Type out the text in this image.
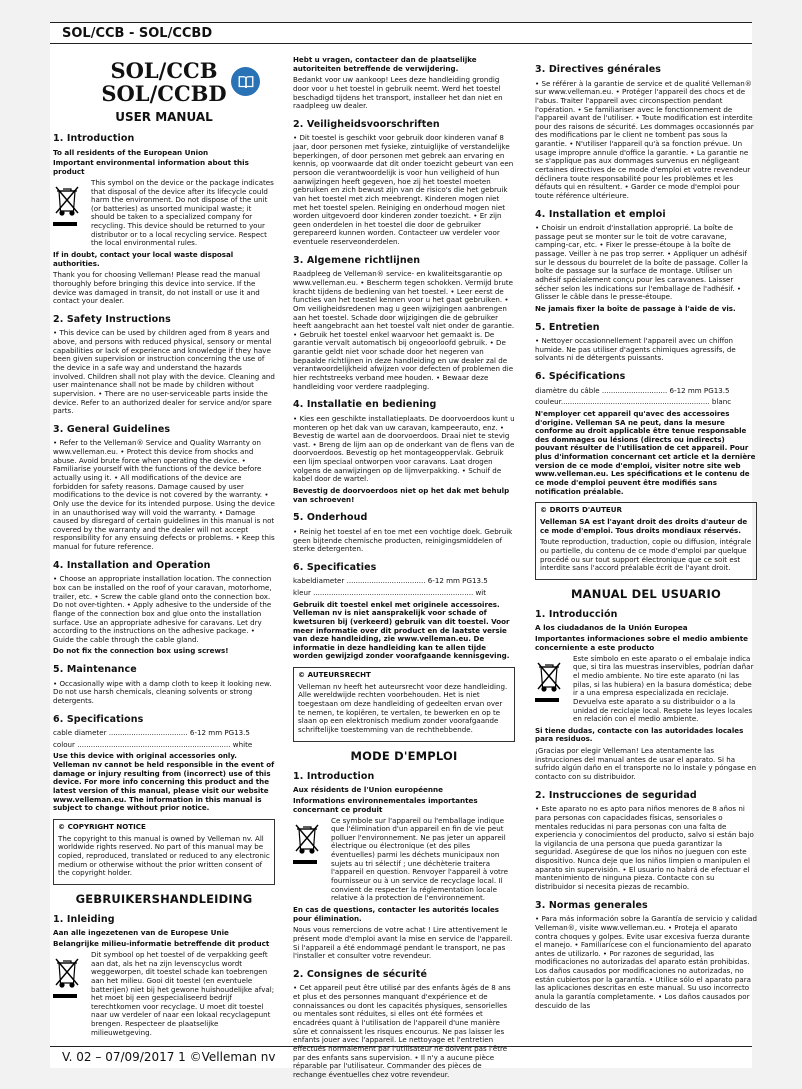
SOL/CCB - SOL/CCBD
SOL/CCB
SOL/CCBD
USER MANUAL
1. Introduction
To all residents of the European Union
Important environmental information about this product

This symbol on the device or the package indicates that disposal of the device after its lifecycle could harm the environment. Do not dispose of the unit (or batteries) as unsorted municipal waste; it should be taken to a specialized company for recycling. This device should be returned to your distributor or to a local recycling service. Respect the local environmental rules.

If in doubt, contact your local waste disposal authorities.

Thank you for choosing Velleman! Please read the manual thoroughly before bringing this device into service. If the device was damaged in transit, do not install or use it and contact your dealer.

2. Safety Instructions

• This device can be used by children aged from 8 years and above, and persons with reduced physical, sensory or mental capabilities or lack of experience and knowledge if they have been given supervision or instruction concerning the use of the device in a safe way and understand the hazards involved. Children shall not play with the device. Cleaning and user maintenance shall not be made by children without supervision. • There are no user-serviceable parts inside the device. Refer to an authorized dealer for service and/or spare parts.

3. General Guidelines

• Refer to the Velleman® Service and Quality Warranty on www.velleman.eu. • Protect this device from shocks and abuse. Avoid brute force when operating the device. • Familiarise yourself with the functions of the device before actually using it. • All modifications of the device are forbidden for safety reasons. Damage caused by user modifications to the device is not covered by the warranty. • Only use the device for its intended purpose. Using the device in an unauthorised way will void the warranty. • Damage caused by disregard of certain guidelines in this manual is not covered by the warranty and the dealer will not accept responsibility for any ensuing defects or problems. • Keep this manual for future reference.

4. Installation and Operation

• Choose an appropriate installation location. The connection box can be installed on the roof of your caravan, motorhome, trailer, etc. • Screw the cable gland onto the connection box. Do not over-tighten. • Apply adhesive to the underside of the flange of the connection box and glue onto the installation surface. Use an appropriate adhesive for caravans. Let dry according to the instructions on the adhesive package. • Guide the cable through the cable gland.

Do not fix the connection box using screws!

5. Maintenance

• Occasionally wipe with a damp cloth to keep it looking new. Do not use harsh chemicals, cleaning solvents or strong detergents.

6. Specifications

cable diameter ................................... 6-12 mm PG13.5

colour .................................................................... white

Use this device with original accessories only. Velleman nv cannot be held responsible in the event of damage or injury resulting from (incorrect) use of this device. For more info concerning this product and the latest version of this manual, please visit our website www.velleman.eu. The information in this manual is subject to change without prior notice.

© COPYRIGHT NOTICE

The copyright to this manual is owned by Velleman nv. All worldwide rights reserved. No part of this manual may be copied, reproduced, translated or reduced to any electronic medium or otherwise without the prior written consent of the copyright holder.

GEBRUIKERSHANDLEIDING
1. Inleiding
Aan alle ingezetenen van de Europese Unie
Belangrijke milieu-informatie betreffende dit product

Dit symbool op het toestel of de verpakking geeft aan dat, als het na zijn levenscyclus wordt weggeworpen, dit toestel schade kan toebrengen aan het milieu. Gooi dit toestel (en eventuele batterijen) niet bij het gewone huishoudelijke afval; het moet bij een gespecialiseerd bedrijf terechtkomen voor recyclage. U moet dit toestel naar uw verdeler of naar een lokaal recyclagepunt brengen. Respecteer de plaatselijke milieuwetgeving.

Hebt u vragen, contacteer dan de plaatselijke autoriteiten betreffende de verwijdering.

Bedankt voor uw aankoop! Lees deze handleiding grondig door voor u het toestel in gebruik neemt. Werd het toestel beschadigd tijdens het transport, installeer het dan niet en raadpleeg uw dealer.

2. Veiligheidsvoorschriften

• Dit toestel is geschikt voor gebruik door kinderen vanaf 8 jaar, door personen met fysieke, zintuiglijke of verstandelijke beperkingen, of door personen met gebrek aan ervaring en kennis, op voorwaarde dat dit onder toezicht gebeurt van een persoon die verantwoordelijk is voor hun veiligheid of hun aanwijzingen heeft gegeven, hoe zij het toestel moeten gebruiken en zich bewust zijn van de risico's die het gebruik van het toestel met zich meebrengt. Kinderen mogen niet met het toestel spelen. Reiniging en onderhoud mogen niet worden uitgevoerd door kinderen zonder toezicht. • Er zijn geen onderdelen in het toestel die door de gebruiker gerepareerd kunnen worden. Contacteer uw verdeler voor eventuele reserveonderdelen.

3. Algemene richtlijnen

Raadpleeg de Velleman® service- en kwaliteitsgarantie op www.velleman.eu. • Bescherm tegen schokken. Vermijd brute kracht tijdens de bediening van het toestel. • Leer eerst de functies van het toestel kennen voor u het gaat gebruiken. • Om veiligheidsredenen mag u geen wijzigingen aanbrengen aan het toestel. Schade door wijzigingen die de gebruiker heeft aangebracht aan het toestel valt niet onder de garantie. • Gebruik het toestel enkel waarvoor het gemaakt is. De garantie vervalt automatisch bij ongeoorloofd gebruik. • De garantie geldt niet voor schade door het negeren van bepaalde richtlijnen in deze handleiding en uw dealer zal de verantwoordelijkheid afwijzen voor defecten of problemen die hier rechtstreeks verband mee houden. • Bewaar deze handleiding voor verdere raadpleging.

4. Installatie en bediening

• Kies een geschikte installatieplaats. De doorvoerdoos kunt u monteren op het dak van uw caravan, kampeerauto, enz. • Bevestig de wartel aan de doorvoerdoos. Draai niet te stevig vast. • Breng de lijm aan op de onderkant van de flens van de doorvoerdoos. Bevestig op het montageoppervlak. Gebruik een lijm speciaal ontworpen voor caravans. Laat drogen volgens de aanwijzingen op de lijmverpakking. • Schuif de kabel door de wartel.

Bevestig de doorvoerdoos niet op het dak met behulp van schroeven!

5. Onderhoud

• Reinig het toestel af en toe met een vochtige doek. Gebruik geen bijtende chemische producten, reinigingsmiddelen of sterke detergenten.

6. Specificaties

kabeldiameter ................................... 6-12 mm PG13.5

kleur ....................................................................... wit

Gebruik dit toestel enkel met originele accessoires. Velleman nv is niet aansprakelijk voor schade of kwetsuren bij (verkeerd) gebruik van dit toestel. Voor meer informatie over dit product en de laatste versie van deze handleiding, zie www.velleman.eu. De informatie in deze handleiding kan te allen tijde worden gewijzigd zonder voorafgaande kennisgeving.

© AUTEURSRECHT

Velleman nv heeft het auteursrecht voor deze handleiding. Alle wereldwijde rechten voorbehouden. Het is niet toegestaan om deze handleiding of gedeelten ervan over te nemen, te kopiëren, te vertalen, te bewerken en op te slaan op een elektronisch medium zonder voorafgaande schriftelijke toestemming van de rechthebbende.

MODE D'EMPLOI
1. Introduction
Aux résidents de l'Union européenne
Informations environnementales importantes concernant ce produit

Ce symbole sur l'appareil ou l'emballage indique que l'élimination d'un appareil en fin de vie peut polluer l'environnement. Ne pas jeter un appareil électrique ou électronique (et des piles éventuelles) parmi les déchets municipaux non sujets au tri sélectif ; une déchèterie traitera l'appareil en question. Renvoyer l'appareil à votre fournisseur ou à un service de recyclage local. Il convient de respecter la réglementation locale relative à la protection de l'environnement.

En cas de questions, contacter les autorités locales pour élimination.

Nous vous remercions de votre achat ! Lire attentivement le présent mode d'emploi avant la mise en service de l'appareil. Si l'appareil a été endommagé pendant le transport, ne pas l'installer et consulter votre revendeur.

2. Consignes de sécurité

• Cet appareil peut être utilisé par des enfants âgés de 8 ans et plus et des personnes manquant d'expérience et de connaissances ou dont les capacités physiques, sensorielles ou mentales sont réduites, si elles ont été formées et encadrées quant à l'utilisation de l'appareil d'une manière sûre et connaissent les risques encourus. Ne pas laisser les enfants jouer avec l'appareil. Le nettoyage et l'entretien effectués normalement par l'utilisateur ne doivent pas l'être par des enfants sans supervision. • Il n'y a aucune pièce réparable par l'utilisateur. Commander des pièces de rechange éventuelles chez votre revendeur.

3. Directives générales

• Se référer à la garantie de service et de qualité Velleman® sur www.velleman.eu. • Protéger l'appareil des chocs et de l'abus. Traiter l'appareil avec circonspection pendant l'opération. • Se familiariser avec le fonctionnement de l'appareil avant de l'utiliser. • Toute modification est interdite pour des raisons de sécurité. Les dommages occasionnés par des modifications par le client ne tombent pas sous la garantie. • N'utiliser l'appareil qu'à sa fonction prévue. Un usage impropre annule d'office la garantie. • La garantie ne se s'applique pas aux dommages survenus en négligeant certaines directives de ce mode d'emploi et votre revendeur déclinera toute responsabilité pour les problèmes et les défauts qui en résultent. • Garder ce mode d'emploi pour toute référence ultérieure.

4. Installation et emploi

• Choisir un endroit d'installation approprié. La boîte de passage peut se monter sur le toit de votre caravane, camping-car, etc. • Fixer le presse-étoupe à la boîte de passage. Veiller à ne pas trop serrer. • Appliquer un adhésif sur le dessous du bourrelet de la boîte de passage. Coller la boîte de passage sur la surface de montage. Utiliser un adhésif spécialement conçu pour les caravanes. Laisser sécher selon les indications sur l'emballage de l'adhésif. • Glisser le câble dans le presse-étoupe.

Ne jamais fixer la boîte de passage à l'aide de vis.

5. Entretien

• Nettoyer occasionnellement l'appareil avec un chiffon humide. Ne pas utiliser d'agents chimiques agressifs, de solvants ni de détergents puissants.

6. Spécifications

diamètre du câble ............................. 6-12 mm PG13.5

couleur.................................................................. blanc

N'employer cet appareil qu'avec des accessoires d'origine. Velleman SA ne peut, dans la mesure conforme au droit applicable être tenue responsable des dommages ou lésions (directs ou indirects) pouvant résulter de l'utilisation de cet appareil. Pour plus d'information concernant cet article et la dernière version de ce mode d'emploi, visiter notre site web www.velleman.eu. Les spécifications et le contenu de ce mode d'emploi peuvent être modifiés sans notification préalable.

© DROITS D'AUTEUR

Velleman SA est l'ayant droit des droits d'auteur de ce mode d'emploi. Tous droits mondiaux réservés.

Toute reproduction, traduction, copie ou diffusion, intégrale ou partielle, du contenu de ce mode d'emploi par quelque procédé ou sur tout support électronique que ce soit est interdite sans l'accord préalable écrit de l'ayant droit.

MANUAL DEL USUARIO
1. Introducción
A los ciudadanos de la Unión Europea
Importantes informaciones sobre el medio ambiente concerniente a este producto

Este símbolo en este aparato o el embalaje indica que, si tira las muestras inservibles, podrían dañar el medio ambiente. No tire este aparato (ni las pilas, si las hubiera) en la basura doméstica; debe ir a una empresa especializada en reciclaje. Devuelva este aparato a su distribuidor o a la unidad de reciclaje local. Respete las leyes locales en relación con el medio ambiente.

Si tiene dudas, contacte con las autoridades locales para residuos.

¡Gracias por elegir Velleman! Lea atentamente las instrucciones del manual antes de usar el aparato. Si ha sufrido algún daño en el transporte no lo instale y póngase en contacto con su distribuidor.

2. Instrucciones de seguridad

• Este aparato no es apto para niños menores de 8 años ni para personas con capacidades físicas, sensoriales o mentales reducidas ni para personas con una falta de experiencia y conocimientos del producto, salvo si están bajo la vigilancia de una persona que pueda garantizar la seguridad. Asegúrese de que los niños no jueguen con este dispositivo. Nunca deje que los niños limpien o manipulen el aparato sin supervisión. • El usuario no habrá de efectuar el mantenimiento de ninguna pieza. Contacte con su distribuidor si necesita piezas de recambio.

3. Normas generales

• Para más información sobre la Garantía de servicio y calidad Velleman®, visite www.velleman.eu. • Proteja el aparato contra choques y golpes. Evite usar excesiva fuerza durante el manejo. • Familiarícese con el funcionamiento del aparato antes de utilizarlo. • Por razones de seguridad, las modificaciones no autorizadas del aparato están prohibidas. Los daños causados por modificaciones no autorizadas, no están cubiertos por la garantía. • Utilice sólo el aparato para las aplicaciones descritas en este manual. Su uso incorrecto anula la garantía completamente. • Los daños causados por descuido de las

V. 02 – 07/09/2017 1 ©Velleman nv
